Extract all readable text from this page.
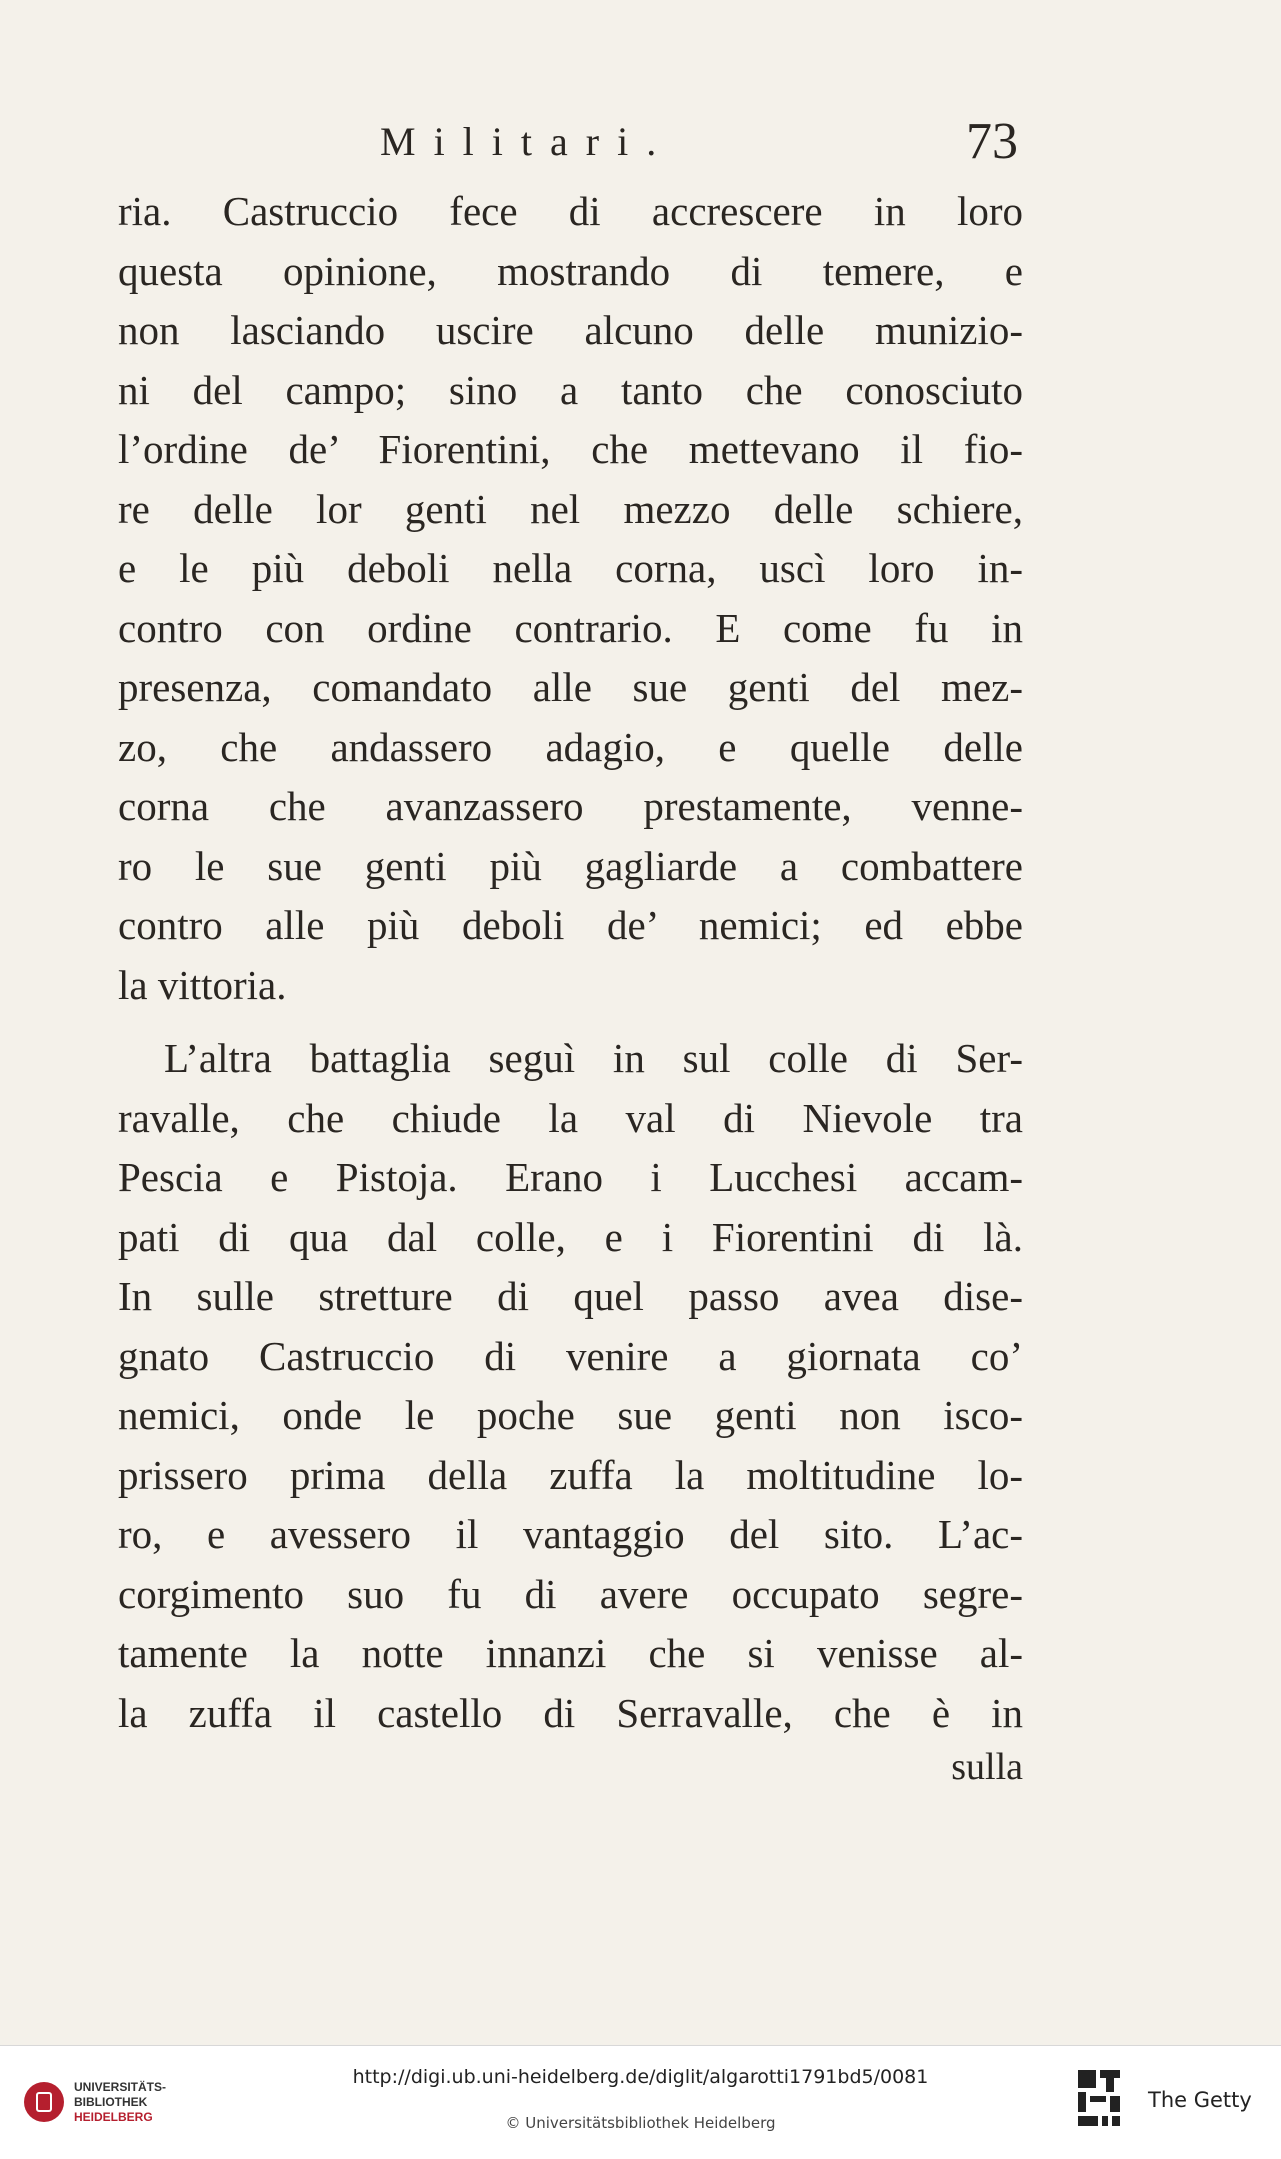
Militari.	73
ria. Castruccio fece di accrescere in loro
questa opinione, mostrando di temere, e
non lasciando uscire alcuno delle munizio-
ni del campo; sino a tanto che conosciuto
l’ordine de’ Fiorentini, che mettevano il fio-
re delle lor genti nel mezzo delle schiere,
e le più deboli nella corna, uscì loro in-
contro con ordine contrario. E come fu in
presenza, comandato alle sue genti del mez-
zo, che andassero adagio, e quelle delle
corna che avanzassero prestamente, venne-
ro le sue genti più gagliarde a combattere
contro alle più deboli de’ nemici; ed ebbe
la vittoria.
L’altra battaglia seguì in sul colle di Ser-
ravalle, che chiude la val di Nievole tra
Pescia e Pistoja. Erano i Lucchesi accam-
pati di qua dal colle, e i Fiorentini di là.
In sulle stretture di quel passo avea dise-
gnato Castruccio di venire a giornata co’
nemici, onde le poche sue genti non isco-
prissero prima della zuffa la moltitudine lo-
ro, e avessero il vantaggio del sito. L’ac-
corgimento suo fu di avere occupato segre-
tamente la notte innanzi che si venisse al-
la zuffa il castello di Serravalle, che è in
sulla
UNIVERSITÄTS-
BIBLIOTHEK
HEIDELBERG
http://digi.ub.uni-heidelberg.de/diglit/algarotti1791bd5/0081
© Universitätsbibliothek Heidelberg
The Getty
